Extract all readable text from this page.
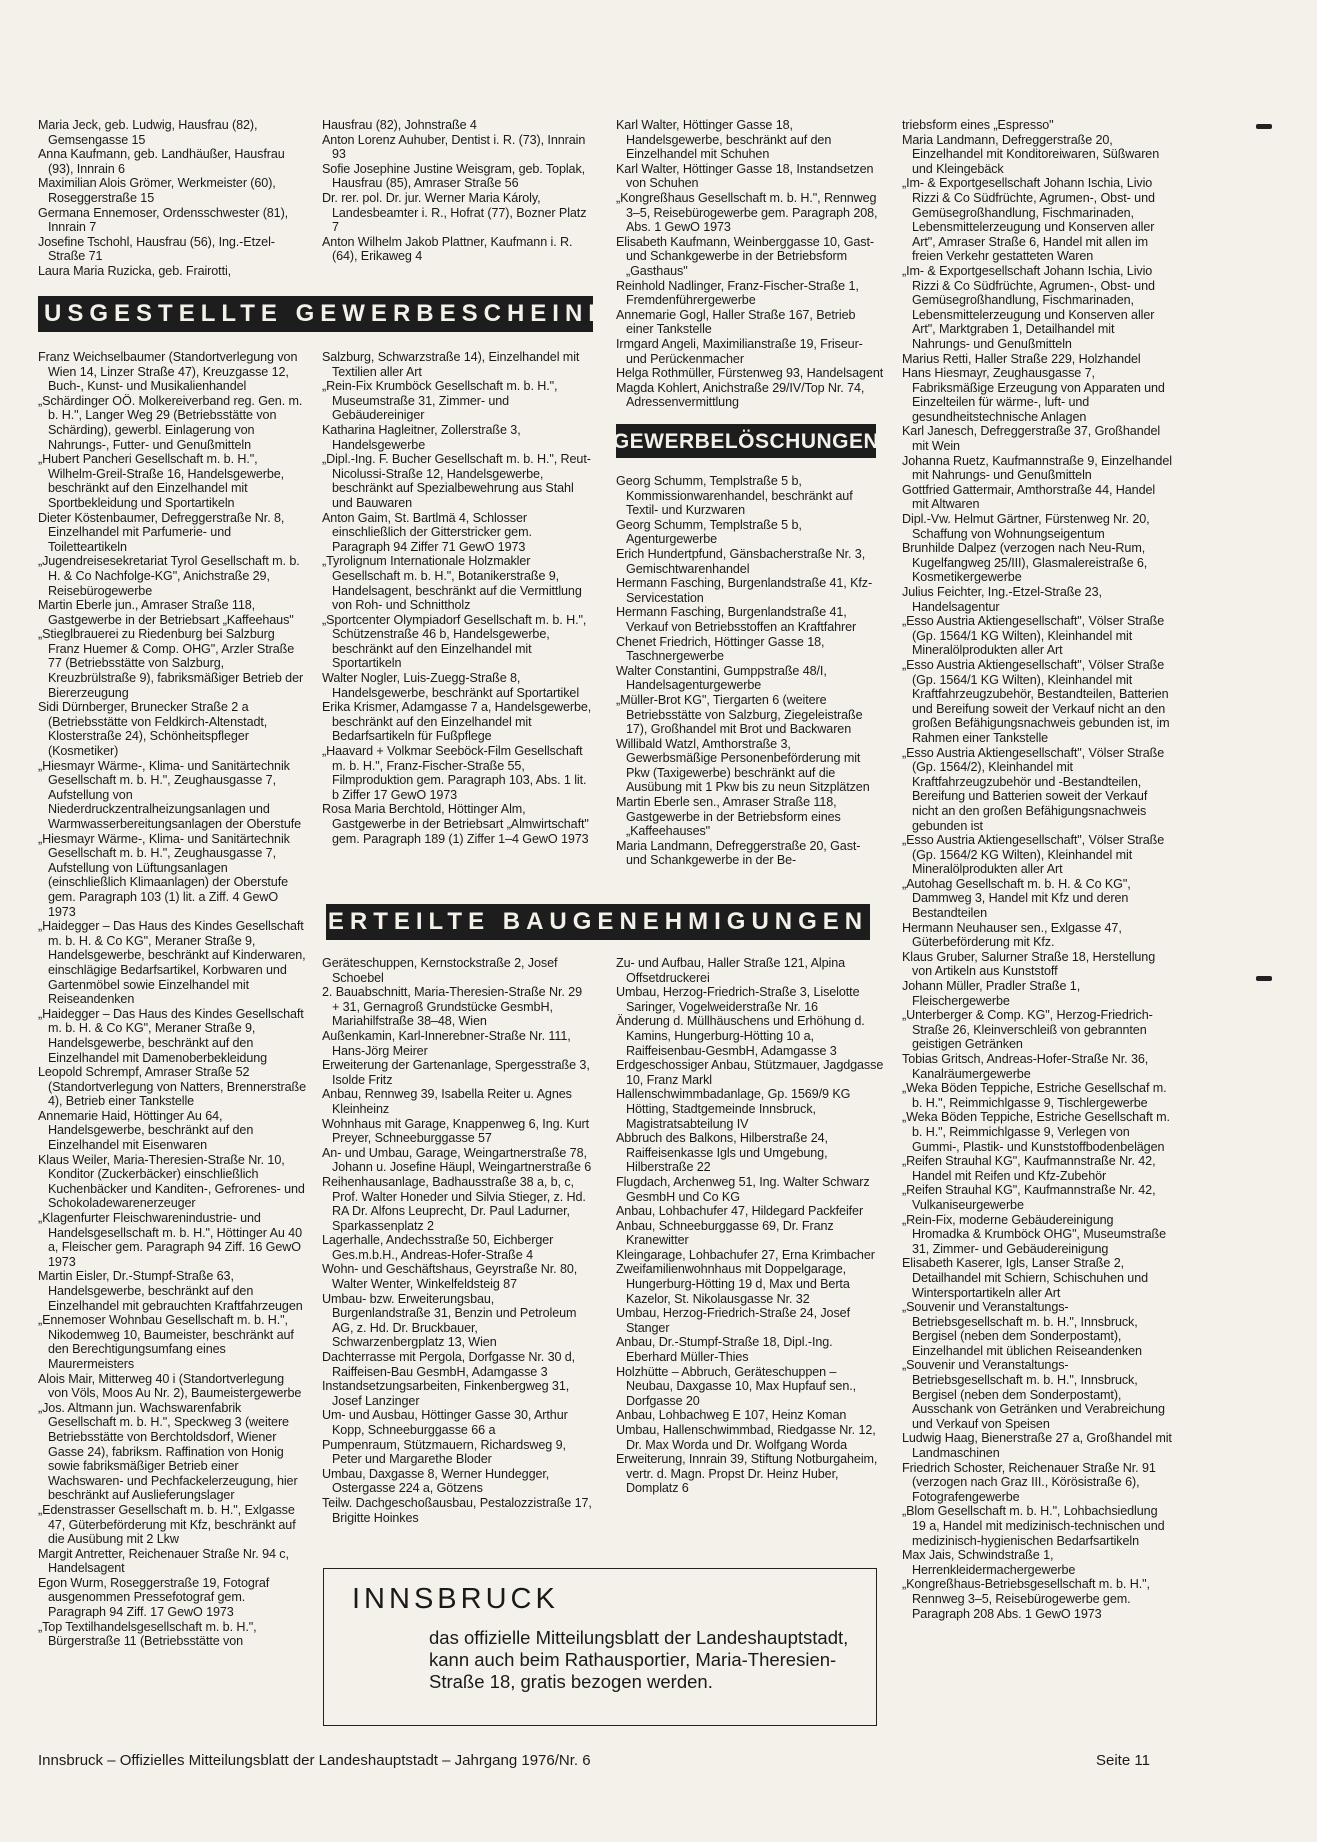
Maria Jeck, geb. Ludwig, Hausfrau (82), Gemsengasse 15

Anna Kaufmann, geb. Landhäußer, Hausfrau (93), Innrain 6

Maximilian Alois Grömer, Werkmeister (60), Roseggerstraße 15

Germana Ennemoser, Ordensschwester (81), Innrain 7

Josefine Tschohl, Hausfrau (56), Ing.-Etzel-Straße 71

Laura Maria Ruzicka, geb. Frairotti,

Hausfrau (82), Johnstraße 4

Anton Lorenz Auhuber, Dentist i. R. (73), Innrain 93

Sofie Josephine Justine Weisgram, geb. Toplak, Hausfrau (85), Amraser Straße 56

Dr. rer. pol. Dr. jur. Werner Maria Károly, Landesbeamter i. R., Hofrat (77), Bozner Platz 7

Anton Wilhelm Jakob Plattner, Kaufmann i. R. (64), Erikaweg 4

Karl Walter, Höttinger Gasse 18, Handelsgewerbe, beschränkt auf den Einzelhandel mit Schuhen

Karl Walter, Höttinger Gasse 18, Instandsetzen von Schuhen

„Kongreßhaus Gesellschaft m. b. H.", Rennweg 3–5, Reisebürogewerbe gem. Paragraph 208, Abs. 1 GewO 1973

Elisabeth Kaufmann, Weinberggasse 10, Gast- und Schankgewerbe in der Betriebsform „Gasthaus"

Reinhold Nadlinger, Franz-Fischer-Straße 1, Fremdenführergewerbe

Annemarie Gogl, Haller Straße 167, Betrieb einer Tankstelle

Irmgard Angeli, Maximilianstraße 19, Friseur- und Perückenmacher

Helga Rothmüller, Fürstenweg 93, Handelsagent

Magda Kohlert, Anichstraße 29/IV/Top Nr. 74, Adressenvermittlung

triebsform eines „Espresso"

Maria Landmann, Defreggerstraße 20, Einzelhandel mit Konditoreiwaren, Süßwaren und Kleingebäck

„Im- & Exportgesellschaft Johann Ischia, Livio Rizzi & Co Südfrüchte, Agrumen-, Obst- und Gemüsegroßhandlung, Fischmarinaden, Lebensmittelerzeugung und Konserven aller Art", Amraser Straße 6, Handel mit allen im freien Verkehr gestatteten Waren

„Im- & Exportgesellschaft Johann Ischia, Livio Rizzi & Co Südfrüchte, Agrumen-, Obst- und Gemüsegroßhandlung, Fischmarinaden, Lebensmittelerzeugung und Konserven aller Art", Marktgraben 1, Detailhandel mit Nahrungs- und Genußmitteln

Marius Retti, Haller Straße 229, Holzhandel

Hans Hiesmayr, Zeughausgasse 7, Fabriksmäßige Erzeugung von Apparaten und Einzelteilen für wärme-, luft- und gesundheitstechnische Anlagen

Karl Janesch, Defreggerstraße 37, Großhandel mit Wein

Johanna Ruetz, Kaufmannstraße 9, Einzelhandel mit Nahrungs- und Genußmitteln

Gottfried Gattermair, Amthorstraße 44, Handel mit Altwaren

Dipl.-Vw. Helmut Gärtner, Fürstenweg Nr. 20, Schaffung von Wohnungseigentum

Brunhilde Dalpez (verzogen nach Neu-Rum, Kugelfangweg 25/III), Glasmalereistraße 6, Kosmetikergewerbe

Julius Feichter, Ing.-Etzel-Straße 23, Handelsagentur

„Esso Austria Aktiengesellschaft", Völser Straße (Gp. 1564/1 KG Wilten), Kleinhandel mit Mineralölprodukten aller Art

„Esso Austria Aktiengesellschaft", Völser Straße (Gp. 1564/1 KG Wilten), Kleinhandel mit Kraftfahrzeugzubehör, Bestandteilen, Batterien und Bereifung soweit der Verkauf nicht an den großen Befähigungsnachweis gebunden ist, im Rahmen einer Tankstelle

„Esso Austria Aktiengesellschaft", Völser Straße (Gp. 1564/2), Kleinhandel mit Kraftfahrzeugzubehör und -Bestandteilen, Bereifung und Batterien soweit der Verkauf nicht an den großen Befähigungsnachweis gebunden ist

„Esso Austria Aktiengesellschaft", Völser Straße (Gp. 1564/2 KG Wilten), Kleinhandel mit Mineralölprodukten aller Art

„Autohag Gesellschaft m. b. H. & Co KG", Dammweg 3, Handel mit Kfz und deren Bestandteilen

Hermann Neuhauser sen., Exlgasse 47, Güterbeförderung mit Kfz.

Klaus Gruber, Salurner Straße 18, Herstellung von Artikeln aus Kunststoff

Johann Müller, Pradler Straße 1, Fleischergewerbe

„Unterberger & Comp. KG", Herzog-Friedrich-Straße 26, Kleinverschleiß von gebrannten geistigen Getränken

Tobias Gritsch, Andreas-Hofer-Straße Nr. 36, Kanalräumergewerbe

„Weka Böden Teppiche, Estriche Gesellschaf m. b. H.", Reimmichlgasse 9, Tischlergewerbe

„Weka Böden Teppiche, Estriche Gesellschaft m. b. H.", Reimmichlgasse 9, Verlegen von Gummi-, Plastik- und Kunststoffbodenbelägen

„Reifen Strauhal KG", Kaufmannstraße Nr. 42, Handel mit Reifen und Kfz-Zubehör

„Reifen Strauhal KG", Kaufmannstraße Nr. 42, Vulkaniseurgewerbe

„Rein-Fix, moderne Gebäudereinigung Hromadka & Krumböck OHG", Museumstraße 31, Zimmer- und Gebäudereinigung

Elisabeth Kaserer, Igls, Lanser Straße 2, Detailhandel mit Schiern, Schischuhen und Wintersportartikeln aller Art

„Souvenir und Veranstaltungs-Betriebsgesellschaft m. b. H.", Innsbruck, Bergisel (neben dem Sonderpostamt), Einzelhandel mit üblichen Reiseandenken

„Souvenir und Veranstaltungs-Betriebsgesellschaft m. b. H.", Innsbruck, Bergisel (neben dem Sonderpostamt), Ausschank von Getränken und Verabreichung und Verkauf von Speisen

Ludwig Haag, Bienerstraße 27 a, Großhandel mit Landmaschinen

Friedrich Schoster, Reichenauer Straße Nr. 91 (verzogen nach Graz III., Körösistraße 6), Fotografengewerbe

„Blom Gesellschaft m. b. H.", Lohbachsiedlung 19 a, Handel mit medizinisch-technischen und medizinisch-hygienischen Bedarfsartikeln

Max Jais, Schwindstraße 1, Herrenkleidermachergewerbe

„Kongreßhaus-Betriebsgesellschaft m. b. H.", Rennweg 3–5, Reisebürogewerbe gem. Paragraph 208 Abs. 1 GewO 1973

AUSGESTELLTE GEWERBESCHEINE
GEWERBELÖSCHUNGEN
ERTEILTE BAUGENEHMIGUNGEN

Franz Weichselbaumer (Standortverlegung von Wien 14, Linzer Straße 47), Kreuzgasse 12, Buch-, Kunst- und Musikalienhandel

„Schärdinger OÖ. Molkereiverband reg. Gen. m. b. H.", Langer Weg 29 (Betriebsstätte von Schärding), gewerbl. Einlagerung von Nahrungs-, Futter- und Genußmitteln

„Hubert Pancheri Gesellschaft m. b. H.", Wilhelm-Greil-Straße 16, Handelsgewerbe, beschränkt auf den Einzelhandel mit Sportbekleidung und Sportartikeln

Dieter Köstenbaumer, Defreggerstraße Nr. 8, Einzelhandel mit Parfumerie- und Toiletteartikeln

„Jugendreisesekretariat Tyrol Gesellschaft m. b. H. & Co Nachfolge-KG", Anichstraße 29, Reisebürogewerbe

Martin Eberle jun., Amraser Straße 118, Gastgewerbe in der Betriebsart „Kaffeehaus"

„Stieglbrauerei zu Riedenburg bei Salzburg Franz Huemer & Comp. OHG", Arzler Straße 77 (Betriebsstätte von Salzburg, Kreuzbrülstraße 9), fabriksmäßiger Betrieb der Biererzeugung

Sidi Dürnberger, Brunecker Straße 2 a (Betriebsstätte von Feldkirch-Altenstadt, Klosterstraße 24), Schönheitspfleger (Kosmetiker)

„Hiesmayr Wärme-, Klima- und Sanitärtechnik Gesellschaft m. b. H.", Zeughausgasse 7, Aufstellung von Niederdruckzentralheizungsanlagen und Warmwasserbereitungsanlagen der Oberstufe

„Hiesmayr Wärme-, Klima- und Sanitärtechnik Gesellschaft m. b. H.", Zeughausgasse 7, Aufstellung von Lüftungsanlagen (einschließlich Klimaanlagen) der Oberstufe gem. Paragraph 103 (1) lit. a Ziff. 4 GewO 1973

„Haidegger – Das Haus des Kindes Gesellschaft m. b. H. & Co KG", Meraner Straße 9, Handelsgewerbe, beschränkt auf Kinderwaren, einschlägige Bedarfsartikel, Korbwaren und Gartenmöbel sowie Einzelhandel mit Reiseandenken

„Haidegger – Das Haus des Kindes Gesellschaft m. b. H. & Co KG", Meraner Straße 9, Handelsgewerbe, beschränkt auf den Einzelhandel mit Damenoberbekleidung

Leopold Schrempf, Amraser Straße 52 (Standortverlegung von Natters, Brennerstraße 4), Betrieb einer Tankstelle

Annemarie Haid, Höttinger Au 64, Handelsgewerbe, beschränkt auf den Einzelhandel mit Eisenwaren

Klaus Weiler, Maria-Theresien-Straße Nr. 10, Konditor (Zuckerbäcker) einschließlich Kuchenbäcker und Kanditen-, Gefrorenes- und Schokoladewarenerzeuger

„Klagenfurter Fleischwarenindustrie- und Handelsgesellschaft m. b. H.", Höttinger Au 40 a, Fleischer gem. Paragraph 94 Ziff. 16 GewO 1973

Martin Eisler, Dr.-Stumpf-Straße 63, Handelsgewerbe, beschränkt auf den Einzelhandel mit gebrauchten Kraftfahrzeugen

„Ennemoser Wohnbau Gesellschaft m. b. H.", Nikodemweg 10, Baumeister, beschränkt auf den Berechtigungsumfang eines Maurermeisters

Alois Mair, Mitterweg 40 i (Standortverlegung von Völs, Moos Au Nr. 2), Baumeistergewerbe

„Jos. Altmann jun. Wachswarenfabrik Gesellschaft m. b. H.", Speckweg 3 (weitere Betriebsstätte von Berchtoldsdorf, Wiener Gasse 24), fabriksm. Raffination von Honig sowie fabriksmäßiger Betrieb einer Wachswaren- und Pechfackelerzeugung, hier beschränkt auf Auslieferungslager

„Edenstrasser Gesellschaft m. b. H.", Exlgasse 47, Güterbeförderung mit Kfz, beschränkt auf die Ausübung mit 2 Lkw

Margit Antretter, Reichenauer Straße Nr. 94 c, Handelsagent

Egon Wurm, Roseggerstraße 19, Fotograf ausgenommen Pressefotograf gem. Paragraph 94 Ziff. 17 GewO 1973

„Top Textilhandelsgesellschaft m. b. H.", Bürgerstraße 11 (Betriebsstätte von

Salzburg, Schwarzstraße 14), Einzelhandel mit Textilien aller Art

„Rein-Fix Krumböck Gesellschaft m. b. H.", Museumstraße 31, Zimmer- und Gebäudereiniger

Katharina Hagleitner, Zollerstraße 3, Handelsgewerbe

„Dipl.-Ing. F. Bucher Gesellschaft m. b. H.", Reut-Nicolussi-Straße 12, Handelsgewerbe, beschränkt auf Spezialbewehrung aus Stahl und Bauwaren

Anton Gaim, St. Bartlmä 4, Schlosser einschließlich der Gitterstricker gem. Paragraph 94 Ziffer 71 GewO 1973

„Tyrolignum Internationale Holzmakler Gesellschaft m. b. H.", Botanikerstraße 9, Handelsagent, beschränkt auf die Vermittlung von Roh- und Schnittholz

„Sportcenter Olympiadorf Gesellschaft m. b. H.", Schützenstraße 46 b, Handelsgewerbe, beschränkt auf den Einzelhandel mit Sportartikeln

Walter Nogler, Luis-Zuegg-Straße 8, Handelsgewerbe, beschränkt auf Sportartikel

Erika Krismer, Adamgasse 7 a, Handelsgewerbe, beschränkt auf den Einzelhandel mit Bedarfsartikeln für Fußpflege

„Haavard + Volkmar Seeböck-Film Gesellschaft m. b. H.", Franz-Fischer-Straße 55, Filmproduktion gem. Paragraph 103, Abs. 1 lit. b Ziffer 17 GewO 1973

Rosa Maria Berchtold, Höttinger Alm, Gastgewerbe in der Betriebsart „Almwirtschaft" gem. Paragraph 189 (1) Ziffer 1–4 GewO 1973

Georg Schumm, Templstraße 5 b, Kommissionwarenhandel, beschränkt auf Textil- und Kurzwaren

Georg Schumm, Templstraße 5 b, Agenturgewerbe

Erich Hundertpfund, Gänsbacherstraße Nr. 3, Gemischtwarenhandel

Hermann Fasching, Burgenlandstraße 41, Kfz-Servicestation

Hermann Fasching, Burgenlandstraße 41, Verkauf von Betriebsstoffen an Kraftfahrer

Chenet Friedrich, Höttinger Gasse 18, Taschnergewerbe

Walter Constantini, Gumppstraße 48/I, Handelsagenturgewerbe

„Müller-Brot KG", Tiergarten 6 (weitere Betriebsstätte von Salzburg, Ziegeleistraße 17), Großhandel mit Brot und Backwaren

Willibald Watzl, Amthorstraße 3, Gewerbsmäßige Personenbeförderung mit Pkw (Taxigewerbe) beschränkt auf die Ausübung mit 1 Pkw bis zu neun Sitzplätzen

Martin Eberle sen., Amraser Straße 118, Gastgewerbe in der Betriebsform eines „Kaffeehauses"

Maria Landmann, Defreggerstraße 20, Gast- und Schankgewerbe in der Be-

Geräteschuppen, Kernstockstraße 2, Josef Schoebel

2. Bauabschnitt, Maria-Theresien-Straße Nr. 29 + 31, Gernagroß Grundstücke GesmbH, Mariahilfstraße 38–48, Wien

Außenkamin, Karl-Innerebner-Straße Nr. 111, Hans-Jörg Meirer

Erweiterung der Gartenanlage, Spergesstraße 3, Isolde Fritz

Anbau, Rennweg 39, Isabella Reiter u. Agnes Kleinheinz

Wohnhaus mit Garage, Knappenweg 6, Ing. Kurt Preyer, Schneeburggasse 57

An- und Umbau, Garage, Weingartnerstraße 78, Johann u. Josefine Häupl, Weingartnerstraße 6

Reihenhausanlage, Badhausstraße 38 a, b, c, Prof. Walter Honeder und Silvia Stieger, z. Hd. RA Dr. Alfons Leuprecht, Dr. Paul Ladurner, Sparkassenplatz 2

Lagerhalle, Andechsstraße 50, Eichberger Ges.m.b.H., Andreas-Hofer-Straße 4

Wohn- und Geschäftshaus, Geyrstraße Nr. 80, Walter Wenter, Winkelfeldsteig 87

Umbau- bzw. Erweiterungsbau, Burgenlandstraße 31, Benzin und Petroleum AG, z. Hd. Dr. Bruckbauer, Schwarzenbergplatz 13, Wien

Dachterrasse mit Pergola, Dorfgasse Nr. 30 d, Raiffeisen-Bau GesmbH, Adamgasse 3

Instandsetzungsarbeiten, Finkenbergweg 31, Josef Lanzinger

Um- und Ausbau, Höttinger Gasse 30, Arthur Kopp, Schneeburggasse 66 a

Pumpenraum, Stützmauern, Richardsweg 9, Peter und Margarethe Bloder

Umbau, Daxgasse 8, Werner Hundegger, Ostergasse 224 a, Götzens

Teilw. Dachgeschoßausbau, Pestalozzistraße 17, Brigitte Hoinkes

Zu- und Aufbau, Haller Straße 121, Alpina Offsetdruckerei

Umbau, Herzog-Friedrich-Straße 3, Liselotte Saringer, Vogelweiderstraße Nr. 16

Änderung d. Müllhäuschens und Erhöhung d. Kamins, Hungerburg-Hötting 10 a, Raiffeisenbau-GesmbH, Adamgasse 3

Erdgeschossiger Anbau, Stützmauer, Jagdgasse 10, Franz Markl

Hallenschwimmbadanlage, Gp. 1569/9 KG Hötting, Stadtgemeinde Innsbruck, Magistratsabteilung IV

Abbruch des Balkons, Hilberstraße 24, Raiffeisenkasse Igls und Umgebung, Hilberstraße 22

Flugdach, Archenweg 51, Ing. Walter Schwarz GesmbH und Co KG

Anbau, Lohbachufer 47, Hildegard Packfeifer

Anbau, Schneeburggasse 69, Dr. Franz Kranewitter

Kleingarage, Lohbachufer 27, Erna Krimbacher

Zweifamilienwohnhaus mit Doppelgarage, Hungerburg-Hötting 19 d, Max und Berta Kazelor, St. Nikolausgasse Nr. 32

Umbau, Herzog-Friedrich-Straße 24, Josef Stanger

Anbau, Dr.-Stumpf-Straße 18, Dipl.-Ing. Eberhard Müller-Thies

Holzhütte – Abbruch, Geräteschuppen – Neubau, Daxgasse 10, Max Hupfauf sen., Dorfgasse 20

Anbau, Lohbachweg E 107, Heinz Koman

Umbau, Hallenschwimmbad, Riedgasse Nr. 12, Dr. Max Worda und Dr. Wolfgang Worda

Erweiterung, Innrain 39, Stiftung Notburgaheim, vertr. d. Magn. Propst Dr. Heinz Huber, Domplatz 6

INNSBRUCK
das offizielle Mitteilungsblatt der Landeshauptstadt, kann auch beim Rathausportier, Maria-Theresien-Straße 18, gratis bezogen werden.
Innsbruck – Offizielles Mitteilungsblatt der Landeshauptstadt – Jahrgang 1976/Nr. 6	Seite 11
